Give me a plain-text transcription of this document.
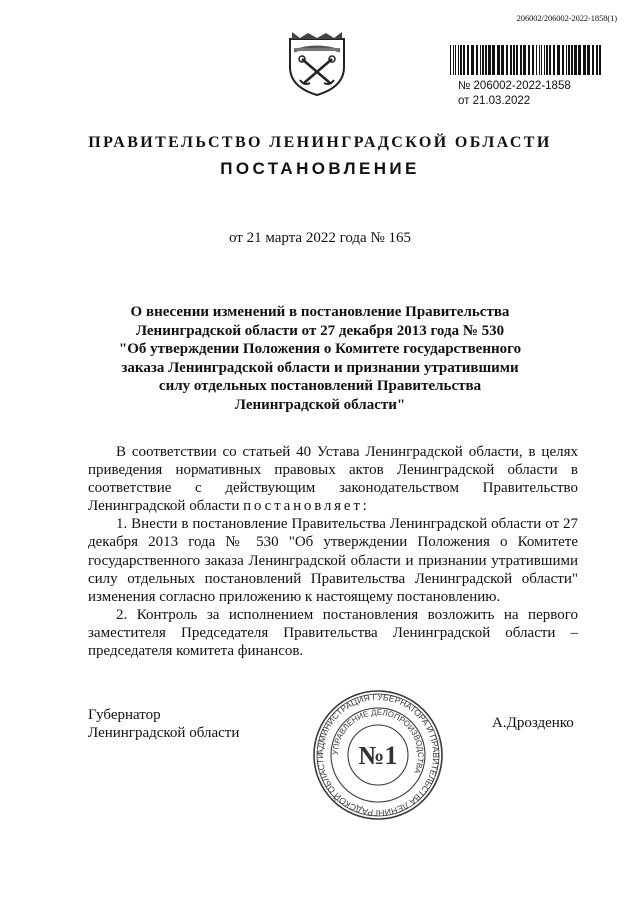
206002/206002-2022-1858(1)
№ 206002-2022-1858
от 21.03.2022
ПРАВИТЕЛЬСТВО ЛЕНИНГРАДСКОЙ ОБЛАСТИ
ПОСТАНОВЛЕНИЕ
от 21 марта 2022 года № 165
О внесении изменений в постановление Правительства
Ленинградской области от 27 декабря 2013 года № 530
"Об утверждении Положения о Комитете государственного
заказа Ленинградской области и признании утратившими
силу отдельных постановлений Правительства
Ленинградской области"

В соответствии со статьей 40 Устава Ленинградской области, в целях приведения нормативных правовых актов Ленинградской области в соответствие с действующим законодательством Правительство Ленинградской области постановляет:

1. Внести в постановление Правительства Ленинградской области от 27 декабря 2013 года № 530 "Об утверждении Положения о Комитете государственного заказа Ленинградской области и признании утратившими силу отдельных постановлений Правительства Ленинградской области" изменения согласно приложению к настоящему постановлению.

2. Контроль за исполнением постановления возложить на первого заместителя Председателя Правительства Ленинградской области – председателя комитета финансов.

Губернатор
Ленинградской области
АДМИНИСТРАЦИЯ ГУБЕРНАТОРА И ПРАВИТЕЛЬСТВА ЛЕНИНГРАДСКОЙ ОБЛАСТИ
УПРАВЛЕНИЕ ДЕЛОПРОИЗВОДСТВА
№1
А.Дрозденко
